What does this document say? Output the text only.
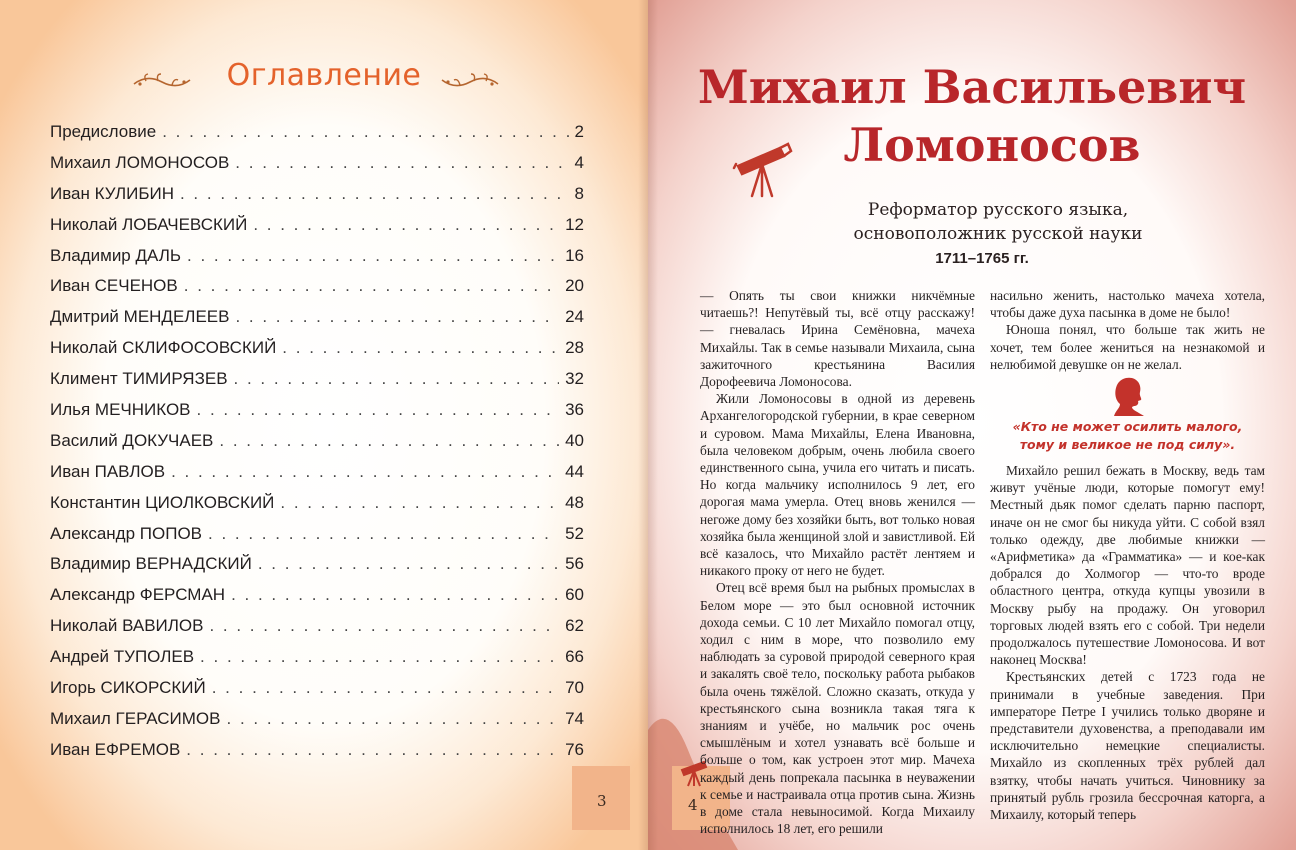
Оглавление
Предисловие . . .	2
Михаил ЛОМОНОСОВ . . .	4
Иван КУЛИБИН . . .	8
Николай ЛОБАЧЕВСКИЙ . . .	12
Владимир ДАЛЬ . . .	16
Иван СЕЧЕНОВ . . .	20
Дмитрий МЕНДЕЛЕЕВ . . .	24
Николай СКЛИФОСОВСКИЙ . . .	28
Климент ТИМИРЯЗЕВ . . .	32
Илья МЕЧНИКОВ . . .	36
Василий ДОКУЧАЕВ . . .	40
Иван ПАВЛОВ . . .	44
Константин ЦИОЛКОВСКИЙ . . .	48
Александр ПОПОВ . . .	52
Владимир ВЕРНАДСКИЙ . . .	56
Александр ФЕРСМАН . . .	60
Николай ВАВИЛОВ . . .	62
Андрей ТУПОЛЕВ . . .	66
Игорь СИКОРСКИЙ . . .	70
Михаил ГЕРАСИМОВ . . .	74
Иван ЕФРЕМОВ . . .	76
3	4
Михаил Васильевич
Ломоносов
Реформатор русского языка,
основоположник русской науки
1711–1765 гг.

— Опять ты свои книжки никчёмные читаешь?! Непутёвый ты, всё отцу расскажу! — гневалась Ирина Семёновна, мачеха Михайлы. Так в семье называли Михаила, сына зажиточного крестьянина Василия Дорофеевича Ломоносова.

Жили Ломоносовы в одной из деревень Архангелогородской губернии, в крае северном и суровом. Мама Михайлы, Елена Ивановна, была человеком добрым, очень любила своего единственного сына, учила его читать и писать. Но когда мальчику исполнилось 9 лет, его дорогая мама умерла. Отец вновь женился — негоже дому без хозяйки быть, вот только новая хозяйка была женщиной злой и завистливой. Ей всё казалось, что Михайло растёт лентяем и никакого проку от него не будет.

Отец всё время был на рыбных промыслах в Белом море — это был основной источник дохода семьи. С 10 лет Михайло помогал отцу, ходил с ним в море, что позволило ему наблюдать за суровой природой северного края и закалять своё тело, поскольку работа рыбаков была очень тяжёлой. Сложно сказать, откуда у крестьянского сына возникла такая тяга к знаниям и учёбе, но мальчик рос очень смышлёным и хотел узнавать всё больше и больше о том, как устроен этот мир. Мачеха каждый день попрекала пасынка в неуважении к семье и настраивала отца против сына. Жизнь в доме стала невыносимой. Когда Михаилу исполнилось 18 лет, его решили

насильно женить, настолько мачеха хотела, чтобы даже духа пасынка в доме не было!

Юноша понял, что больше так жить не хочет, тем более жениться на незнакомой и нелюбимой девушке он не желал.

«Кто не может осилить малого,
тому и великое не под силу».

Михайло решил бежать в Москву, ведь там живут учёные люди, которые помогут ему! Местный дьяк помог сделать парню паспорт, иначе он не смог бы никуда уйти. С собой взял только одежду, две любимые книжки — «Арифметика» да «Грамматика» — и кое-как добрался до Холмогор — что-то вроде областного центра, откуда купцы увозили в Москву рыбу на продажу. Он уговорил торговых людей взять его с собой. Три недели продолжалось путешествие Ломоносова. И вот наконец Москва!

Крестьянских детей с 1723 года не принимали в учебные заведения. При императоре Петре I учились только дворяне и представители духовенства, а преподавали им исключительно немецкие специалисты. Михайло из скопленных трёх рублей дал взятку, чтобы начать учиться. Чиновнику за принятый рубль грозила бессрочная каторга, а Михаилу, который теперь
